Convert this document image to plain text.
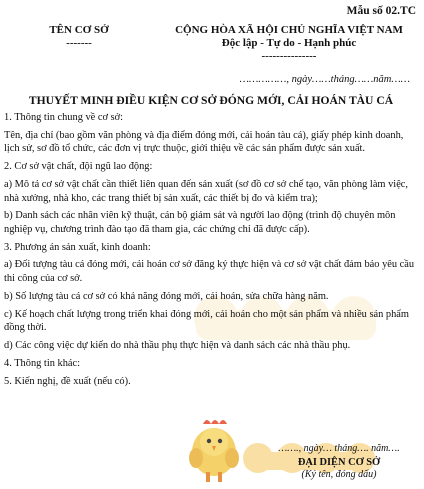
Mẫu số 02.TC
TÊN CƠ SỞ
-------
CỘNG HÒA XÃ HỘI CHỦ NGHĨA VIỆT NAM
Độc lập - Tự do - Hạnh phúc
---------------
……………, ngày……tháng……năm……
THUYẾT MINH ĐIỀU KIỆN CƠ SỞ ĐÓNG MỚI, CẢI HOÁN TÀU CÁ

1. Thông tin chung về cơ sở:

Tên, địa chỉ (bao gồm văn phòng và địa điểm đóng mới, cải hoán tàu cá), giấy phép kinh doanh, lịch sử, sơ đồ tổ chức, các đơn vị trực thuộc, giới thiệu về các sản phẩm được sản xuất.

2. Cơ sở vật chất, đội ngũ lao động:

a) Mô tả cơ sở vật chất cần thiết liên quan đến sản xuất (sơ đồ cơ sở chế tạo, văn phòng làm việc, nhà xưởng, nhà kho, các trang thiết bị sản xuất, các thiết bị đo và kiểm tra);

b) Danh sách các nhân viên kỹ thuật, cán bộ giám sát và người lao động (trình độ chuyên môn nghiệp vụ, chương trình đào tạo đã tham gia, các chứng chỉ đã được cấp).

3. Phương án sản xuất, kinh doanh:

a) Đối tượng tàu cá đóng mới, cải hoán cơ sở đăng ký thực hiện và cơ sở vật chất đảm bảo yêu cầu thi công của cơ sở.

b) Số lượng tàu cá cơ sở có khả năng đóng mới, cải hoán, sửa chữa hàng năm.

c) Kế hoạch chất lượng trong triển khai đóng mới, cải hoán cho một sản phẩm và nhiều sản phẩm đồng thời.

d) Các công việc dự kiến do nhà thầu phụ thực hiện và danh sách các nhà thầu phụ.

4. Thông tin khác:

5. Kiến nghị, đề xuất (nếu có).

……., ngày… tháng…. năm….
ĐẠI DIỆN CƠ SỞ
(Ký tên, đóng dấu)
